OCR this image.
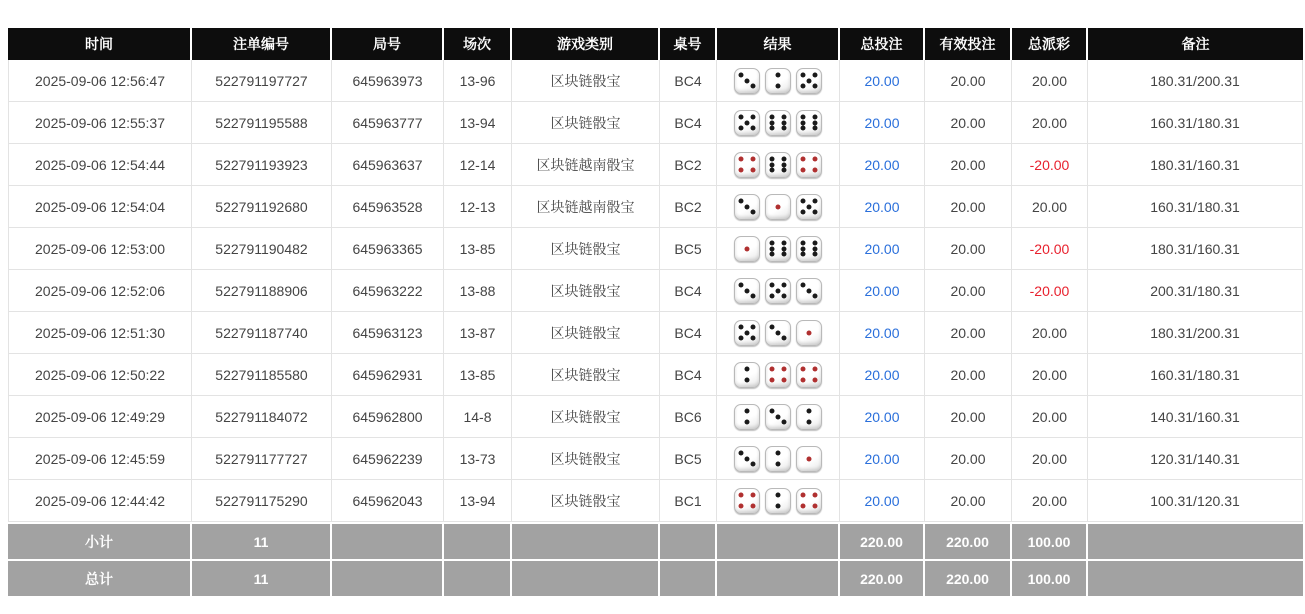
时间	注单编号	局号	场次	游戏类别	桌号	结果	总投注	有效投注	总派彩	备注
2025-09-06 12:56:47	522791197727	645963973	13-96	区块链骰宝	BC4		20.00	20.00	20.00	180.31/200.31
2025-09-06 12:55:37	522791195588	645963777	13-94	区块链骰宝	BC4		20.00	20.00	20.00	160.31/180.31
2025-09-06 12:54:44	522791193923	645963637	12-14	区块链越南骰宝	BC2		20.00	20.00	-20.00	180.31/160.31
2025-09-06 12:54:04	522791192680	645963528	12-13	区块链越南骰宝	BC2		20.00	20.00	20.00	160.31/180.31
2025-09-06 12:53:00	522791190482	645963365	13-85	区块链骰宝	BC5		20.00	20.00	-20.00	180.31/160.31
2025-09-06 12:52:06	522791188906	645963222	13-88	区块链骰宝	BC4		20.00	20.00	-20.00	200.31/180.31
2025-09-06 12:51:30	522791187740	645963123	13-87	区块链骰宝	BC4		20.00	20.00	20.00	180.31/200.31
2025-09-06 12:50:22	522791185580	645962931	13-85	区块链骰宝	BC4		20.00	20.00	20.00	160.31/180.31
2025-09-06 12:49:29	522791184072	645962800	14-8	区块链骰宝	BC6		20.00	20.00	20.00	140.31/160.31
2025-09-06 12:45:59	522791177727	645962239	13-73	区块链骰宝	BC5		20.00	20.00	20.00	120.31/140.31
2025-09-06 12:44:42	522791175290	645962043	13-94	区块链骰宝	BC1		20.00	20.00	20.00	100.31/120.31
小计	11						220.00	220.00	100.00	
总计	11						220.00	220.00	100.00	
